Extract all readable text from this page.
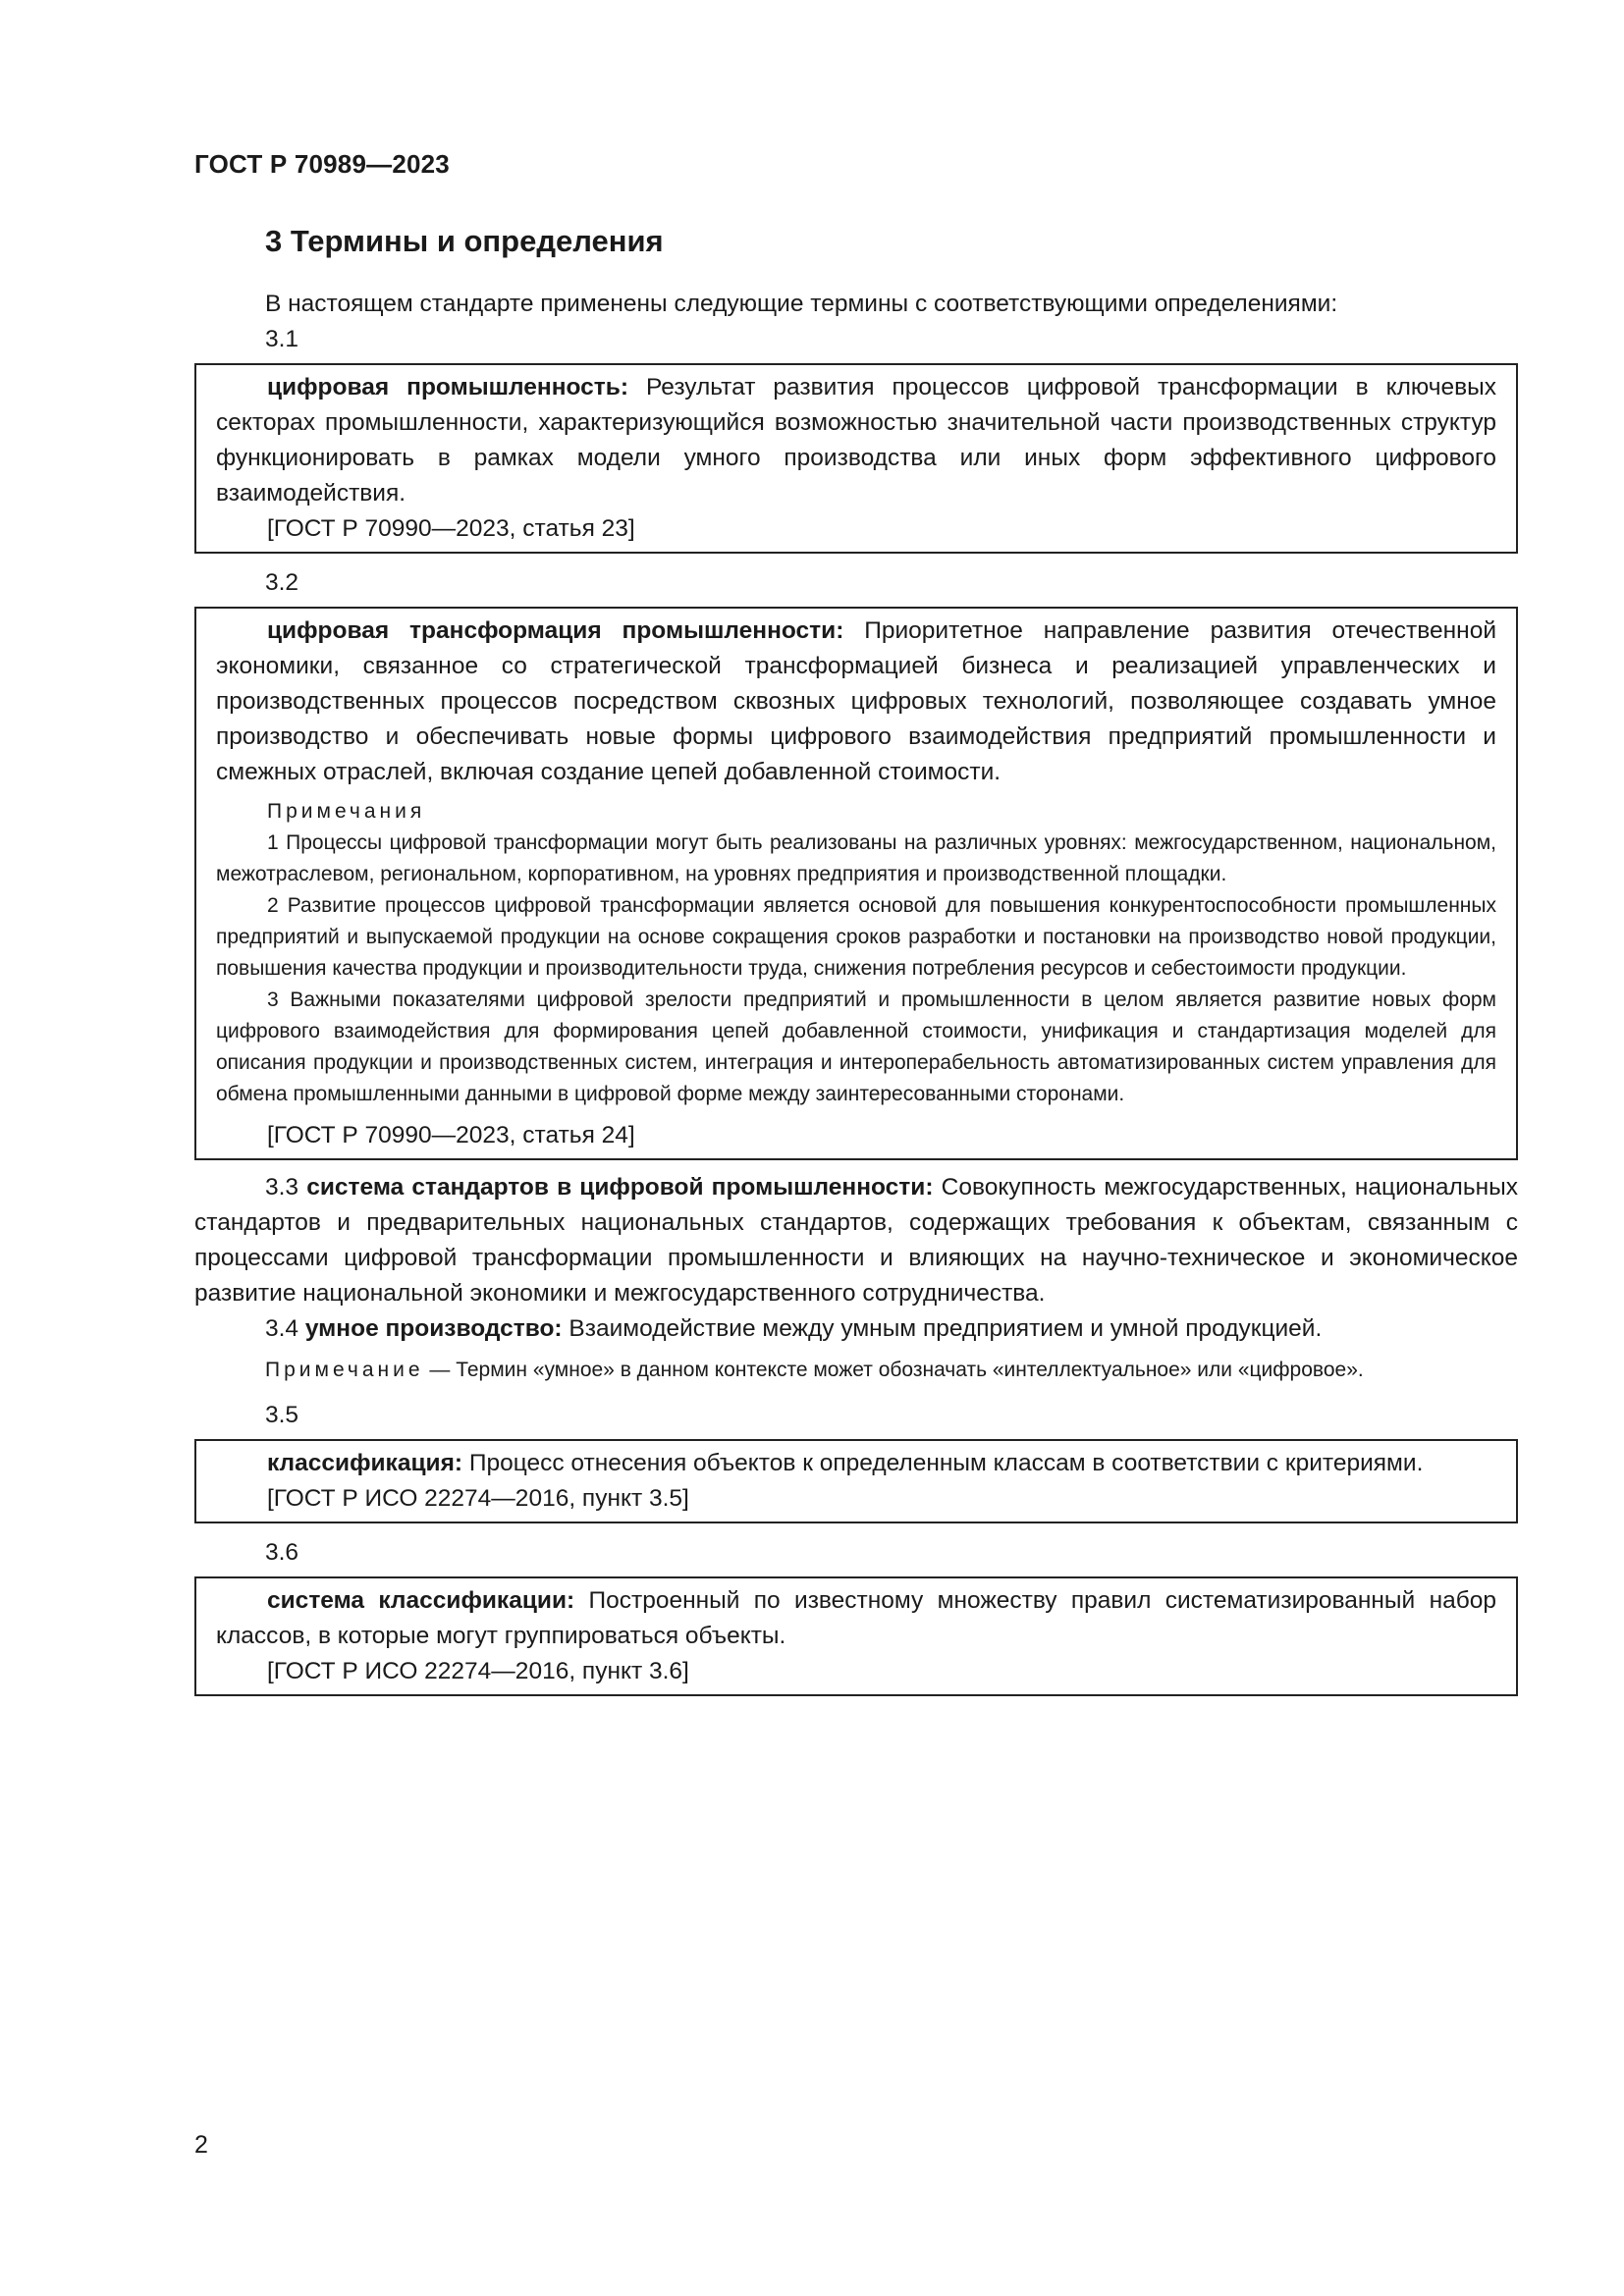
ГОСТ Р 70989—2023
3 Термины и определения

В настоящем стандарте применены следующие термины с соответствующими определениями:

3.1

цифровая промышленность: Результат развития процессов цифровой трансформации в ключевых секторах промышленности, характеризующийся возможностью значительной части производственных структур функционировать в рамках модели умного производства или иных форм эффективного цифрового взаимодействия.

[ГОСТ Р 70990—2023, статья 23]

3.2

цифровая трансформация промышленности: Приоритетное направление развития отечественной экономики, связанное со стратегической трансформацией бизнеса и реализацией управленческих и производственных процессов посредством сквозных цифровых технологий, позволяющее создавать умное производство и обеспечивать новые формы цифрового взаимодействия предприятий промышленности и смежных отраслей, включая создание цепей добавленной стоимости.

Примечания

1 Процессы цифровой трансформации могут быть реализованы на различных уровнях: межгосударственном, национальном, межотраслевом, региональном, корпоративном, на уровнях предприятия и производственной площадки.

2 Развитие процессов цифровой трансформации является основой для повышения конкурентоспособности промышленных предприятий и выпускаемой продукции на основе сокращения сроков разработки и постановки на производство новой продукции, повышения качества продукции и производительности труда, снижения потребления ресурсов и себестоимости продукции.

3 Важными показателями цифровой зрелости предприятий и промышленности в целом является развитие новых форм цифрового взаимодействия для формирования цепей добавленной стоимости, унификация и стандартизация моделей для описания продукции и производственных систем, интеграция и интероперабельность автоматизированных систем управления для обмена промышленными данными в цифровой форме между заинтересованными сторонами.

[ГОСТ Р 70990—2023, статья 24]

3.3 система стандартов в цифровой промышленности: Совокупность межгосударственных, национальных стандартов и предварительных национальных стандартов, содержащих требования к объектам, связанным с процессами цифровой трансформации промышленности и влияющих на научно-техническое и экономическое развитие национальной экономики и межгосударственного сотрудничества.

3.4 умное производство: Взаимодействие между умным предприятием и умной продукцией.

Примечание — Термин «умное» в данном контексте может обозначать «интеллектуальное» или «цифровое».

3.5

классификация: Процесс отнесения объектов к определенным классам в соответствии с критериями.

[ГОСТ Р ИСО 22274—2016, пункт 3.5]

3.6

система классификации: Построенный по известному множеству правил систематизированный набор классов, в которые могут группироваться объекты.

[ГОСТ Р ИСО 22274—2016, пункт 3.6]

2
